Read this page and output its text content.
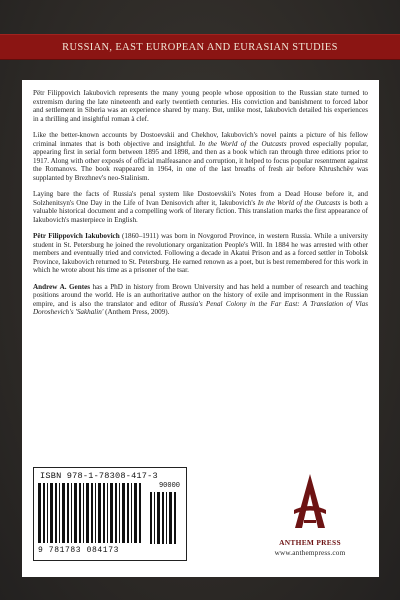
RUSSIAN, EAST EUROPEAN AND EURASIAN STUDIES

Pëtr Filippovich Iakubovich represents the many young people whose opposition to the Russian state turned to extremism during the late nineteenth and early twentieth centuries. His conviction and banishment to forced labor and settlement in Siberia was an experience shared by many. But, unlike most, Iakubovich detailed his experiences in a thrilling and insightful roman à clef.

Like the better-known accounts by Dostoevskii and Chekhov, Iakubovich's novel paints a picture of his fellow criminal inmates that is both objective and insightful. In the World of the Outcasts proved especially popular, appearing first in serial form between 1895 and 1898, and then as a book which ran through three editions prior to 1917. Along with other exposés of official malfeasance and corruption, it helped to focus popular resentment against the Romanovs. The book reappeared in 1964, in one of the last breaths of fresh air before Khrushchëv was supplanted by Brezhnev's neo-Stalinism.

Laying bare the facts of Russia's penal system like Dostoevskii's Notes from a Dead House before it, and Solzhenitsyn's One Day in the Life of Ivan Denisovich after it, Iakubovich's In the World of the Outcasts is both a valuable historical document and a compelling work of literary fiction. This translation marks the first appearance of Iakubovich's masterpiece in English.

Pëtr Filippovich Iakubovich (1860–1911) was born in Novgorod Province, in western Russia. While a university student in St. Petersburg he joined the revolutionary organization People's Will. In 1884 he was arrested with other members and eventually tried and convicted. Following a decade in Akatui Prison and as a forced settler in Tobolsk Province, Iakubovich returned to St. Petersburg. He earned renown as a poet, but is best remembered for this work in which he wrote about his time as a prisoner of the tsar.

Andrew A. Gentes has a PhD in history from Brown University and has held a number of research and teaching positions around the world. He is an authoritative author on the history of exile and imprisonment in the Russian empire, and is also the translator and editor of Russia's Penal Colony in the Far East: A Translation of Vlas Doroshevich's 'Sakhalin' (Anthem Press, 2009).

ISBN 978-1-78308-417-3
90000
9 781783 084173
ANTHEM PRESS
www.anthempress.com
